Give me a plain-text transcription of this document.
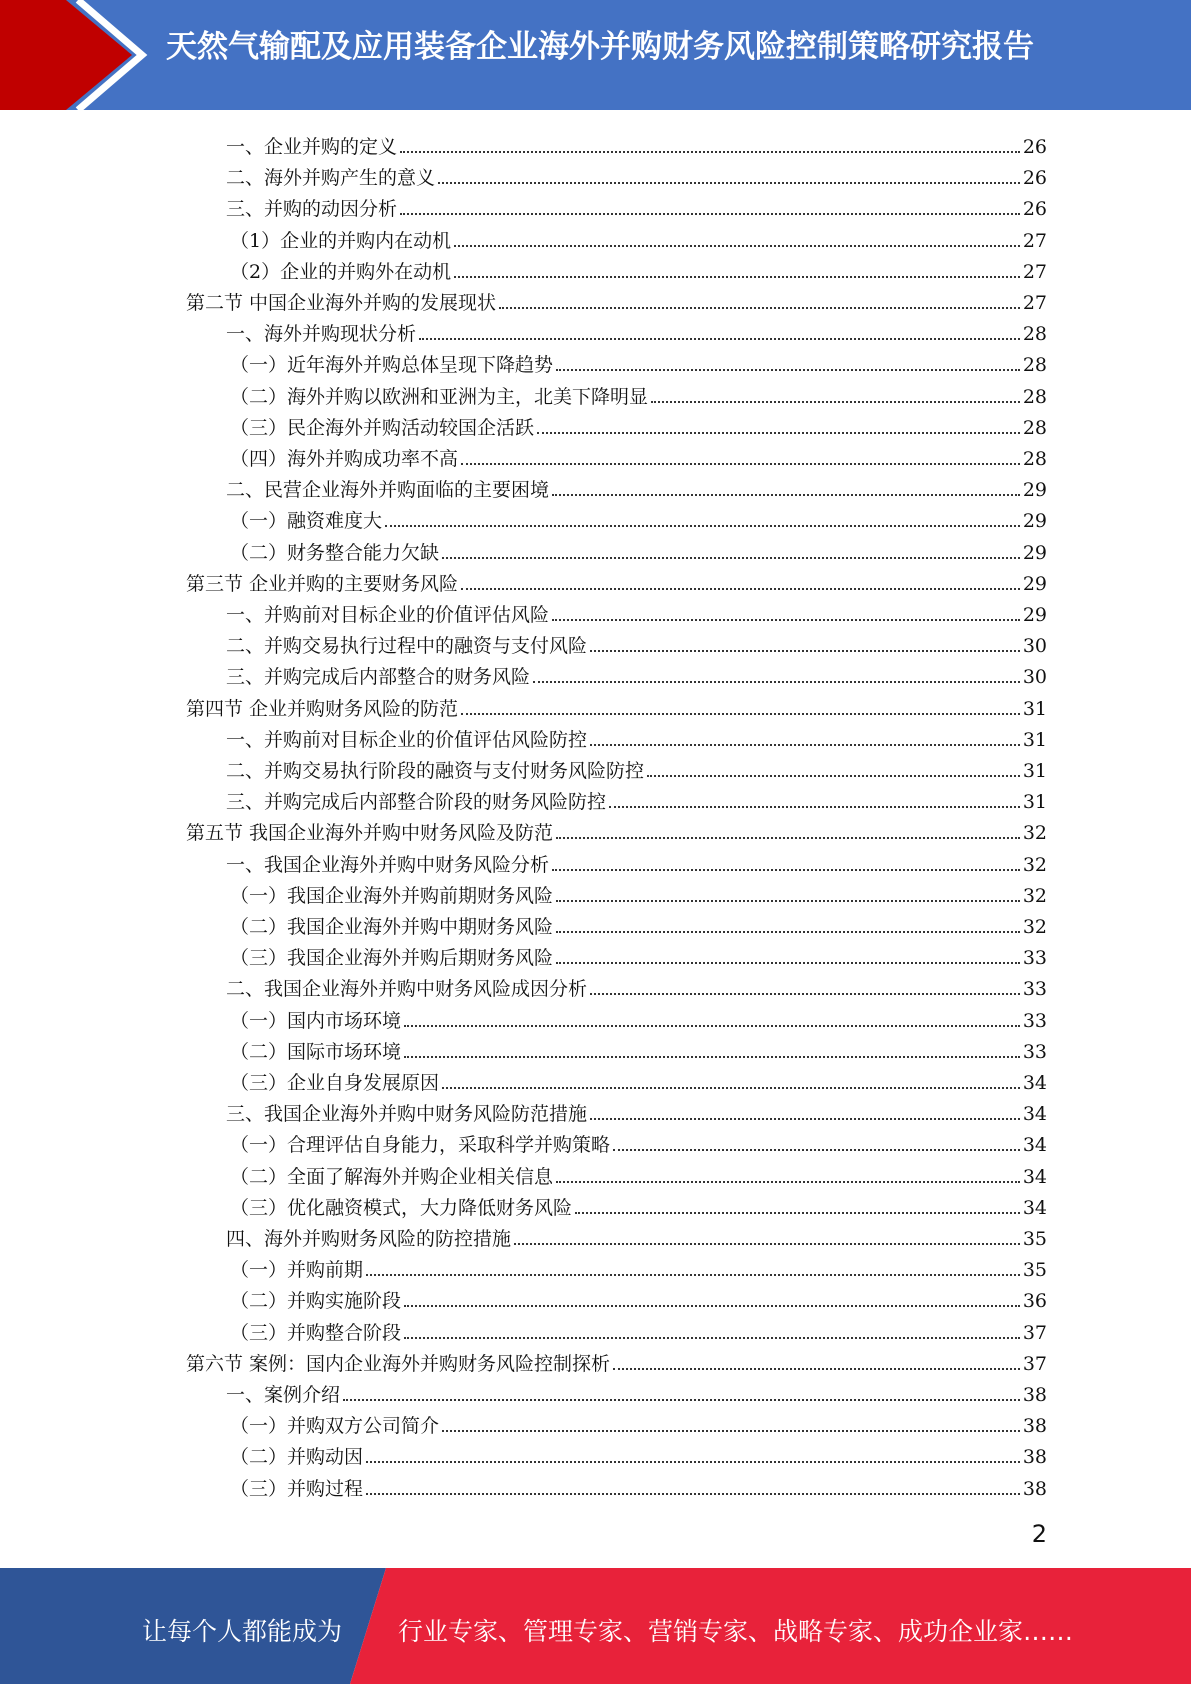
天然气输配及应用装备企业海外并购财务风险控制策略研究报告
一、企业并购的定义	26
二、海外并购产生的意义	26
三、并购的动因分析	26
（1）企业的并购内在动机	27
（2）企业的并购外在动机	27
第二节 中国企业海外并购的发展现状	27
一、海外并购现状分析	28
（一）近年海外并购总体呈现下降趋势	28
（二）海外并购以欧洲和亚洲为主，北美下降明显	28
（三）民企海外并购活动较国企活跃	28
（四）海外并购成功率不高	28
二、民营企业海外并购面临的主要困境	29
（一）融资难度大	29
（二）财务整合能力欠缺	29
第三节 企业并购的主要财务风险	29
一、并购前对目标企业的价值评估风险	29
二、并购交易执行过程中的融资与支付风险	30
三、并购完成后内部整合的财务风险	30
第四节 企业并购财务风险的防范	31
一、并购前对目标企业的价值评估风险防控	31
二、并购交易执行阶段的融资与支付财务风险防控	31
三、并购完成后内部整合阶段的财务风险防控	31
第五节 我国企业海外并购中财务风险及防范	32
一、我国企业海外并购中财务风险分析	32
（一）我国企业海外并购前期财务风险	32
（二）我国企业海外并购中期财务风险	32
（三）我国企业海外并购后期财务风险	33
二、我国企业海外并购中财务风险成因分析	33
（一）国内市场环境	33
（二）国际市场环境	33
（三）企业自身发展原因	34
三、我国企业海外并购中财务风险防范措施	34
（一）合理评估自身能力，采取科学并购策略	34
（二）全面了解海外并购企业相关信息	34
（三）优化融资模式，大力降低财务风险	34
四、海外并购财务风险的防控措施	35
（一）并购前期	35
（二）并购实施阶段	36
（三）并购整合阶段	37
第六节 案例：国内企业海外并购财务风险控制探析	37
一、案例介绍	38
（一）并购双方公司简介	38
（二）并购动因	38
（三）并购过程	38
2
让每个人都能成为 行业专家、管理专家、营销专家、战略专家、成功企业家……
